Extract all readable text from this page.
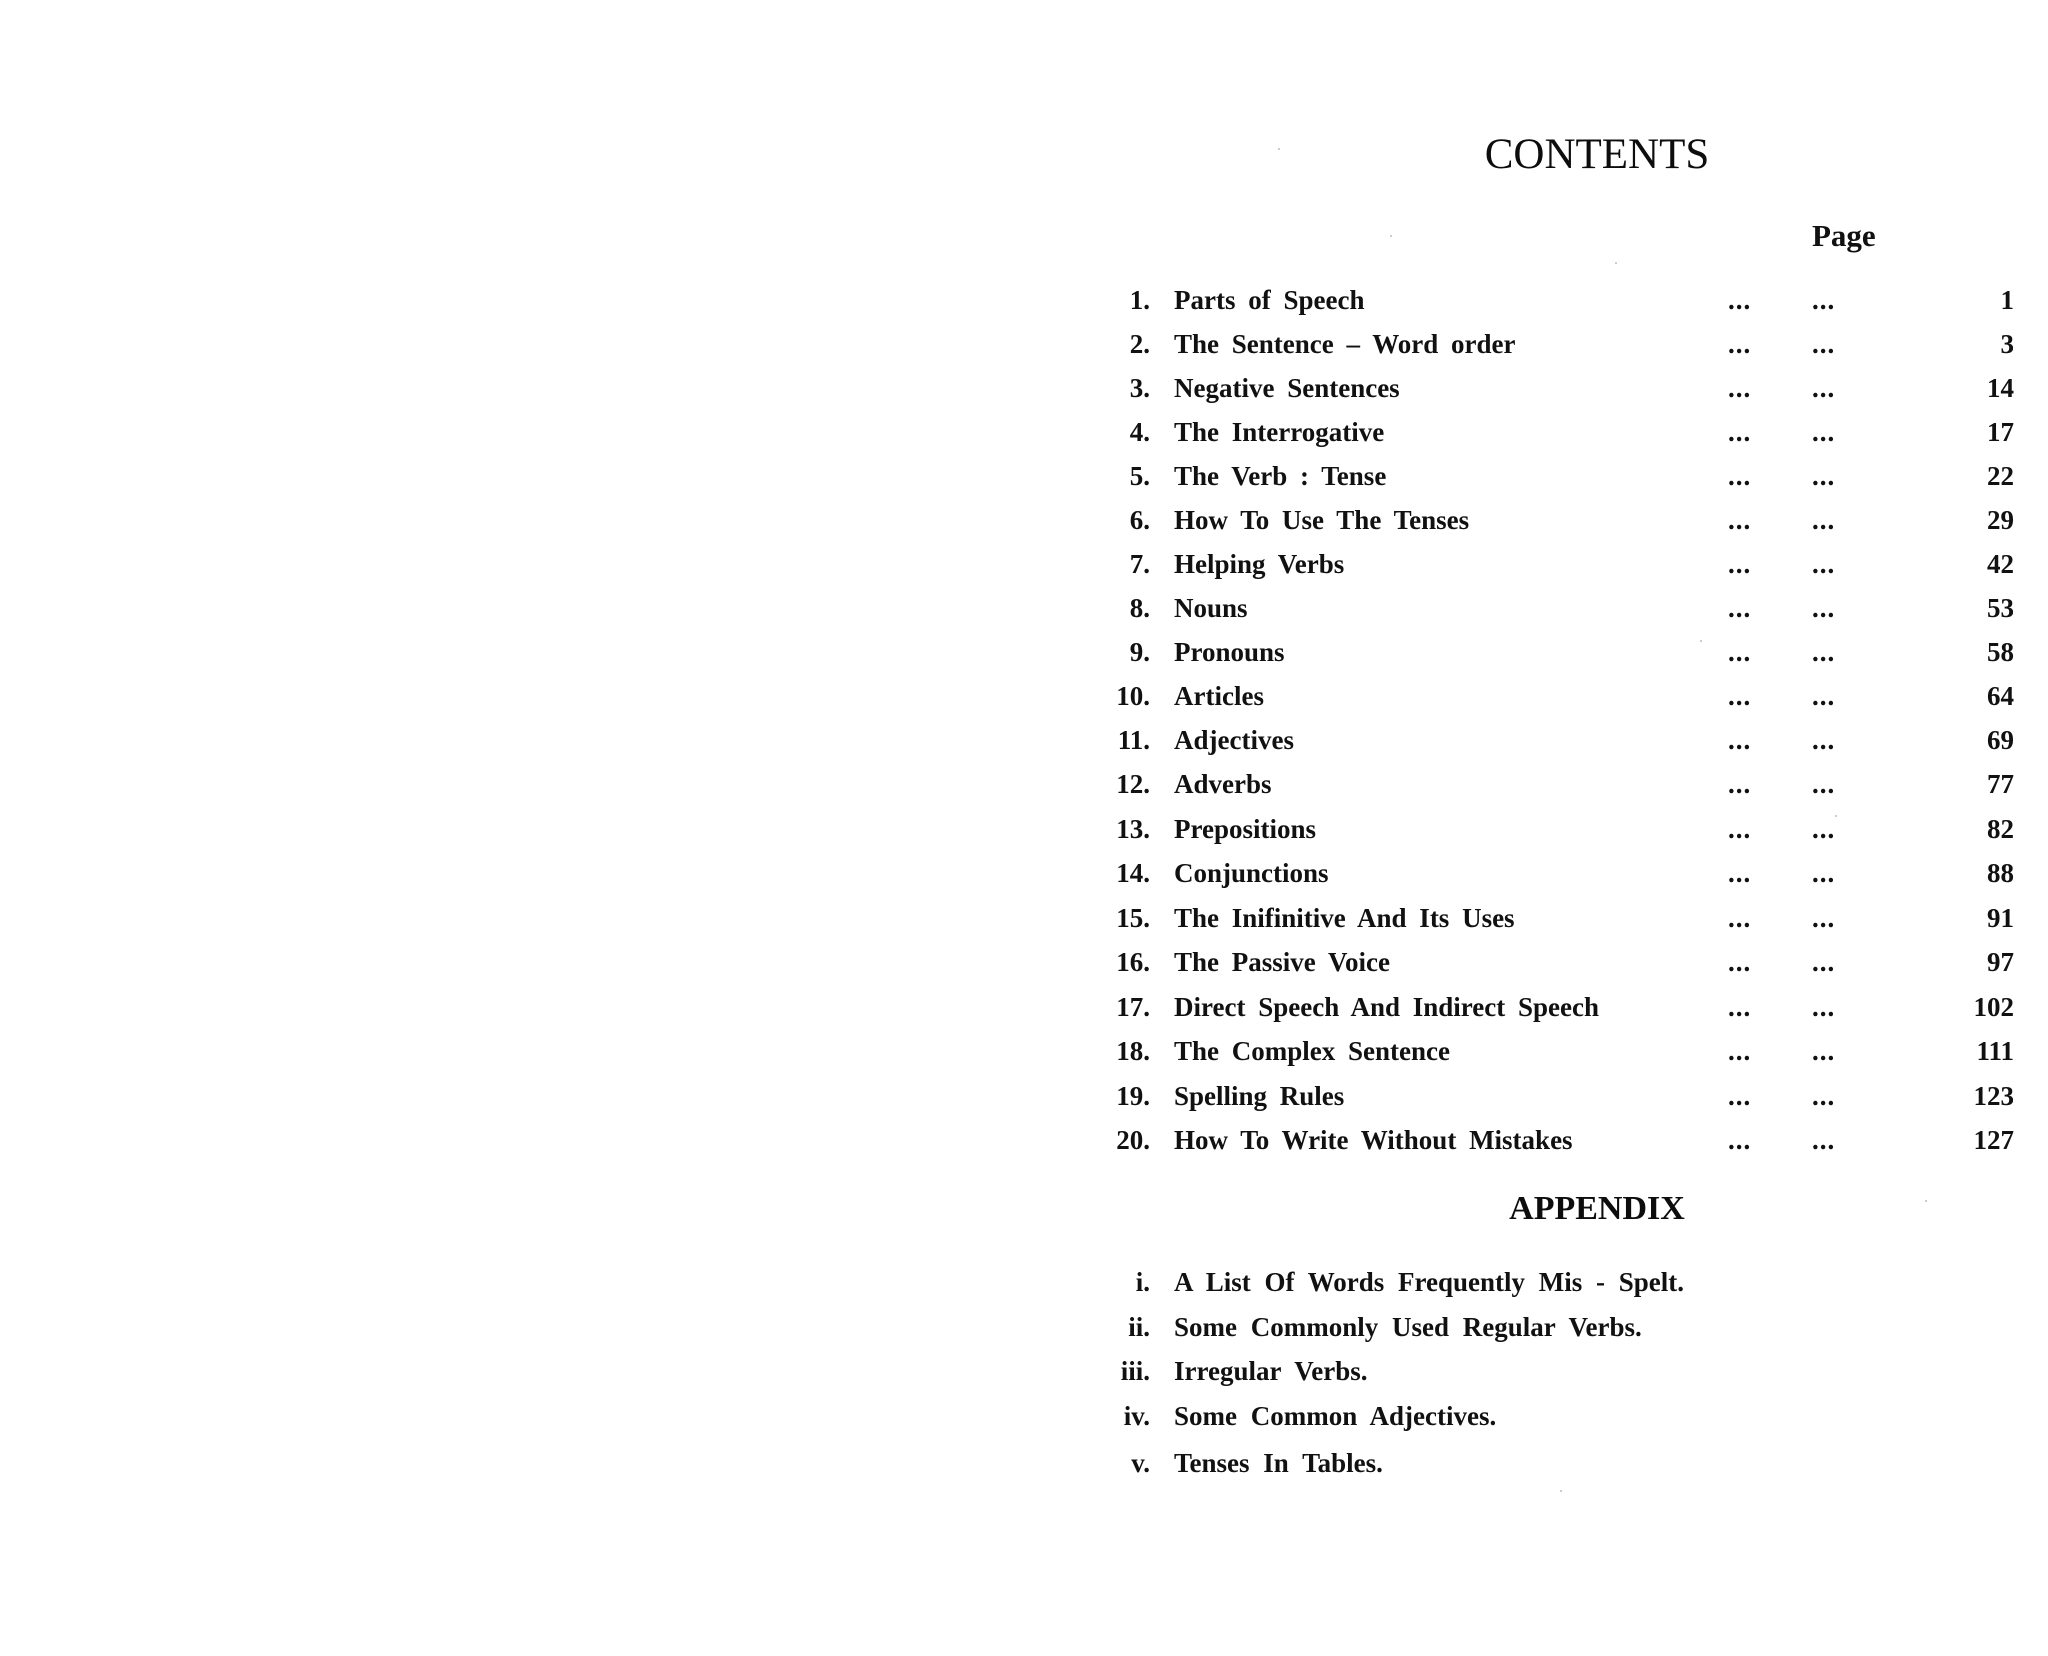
CONTENTS
Page
1. Parts of Speech	... ...	1
2. The Sentence – Word order	... ...	3
3. Negative Sentences	... ...	14
4. The Interrogative	... ...	17
5. The Verb : Tense	... ...	22
6. How To Use The Tenses	... ...	29
7. Helping Verbs	... ...	42
8. Nouns	... ...	53
9. Pronouns	... ...	58
10. Articles	... ...	64
11. Adjectives	... ...	69
12. Adverbs	... ...	77
13. Prepositions	... ...	82
14. Conjunctions	... ...	88
15. The Inifinitive And Its Uses	... ...	91
16. The Passive Voice	... ...	97
17. Direct Speech And Indirect Speech	... ...	102
18. The Complex Sentence	... ...	111
19. Spelling Rules	... ...	123
20. How To Write Without Mistakes	... ...	127
APPENDIX
i. A List Of Words Frequently Mis - Spelt.
ii. Some Commonly Used Regular Verbs.
iii. Irregular Verbs.
iv. Some Common Adjectives.
v. Tenses In Tables.
